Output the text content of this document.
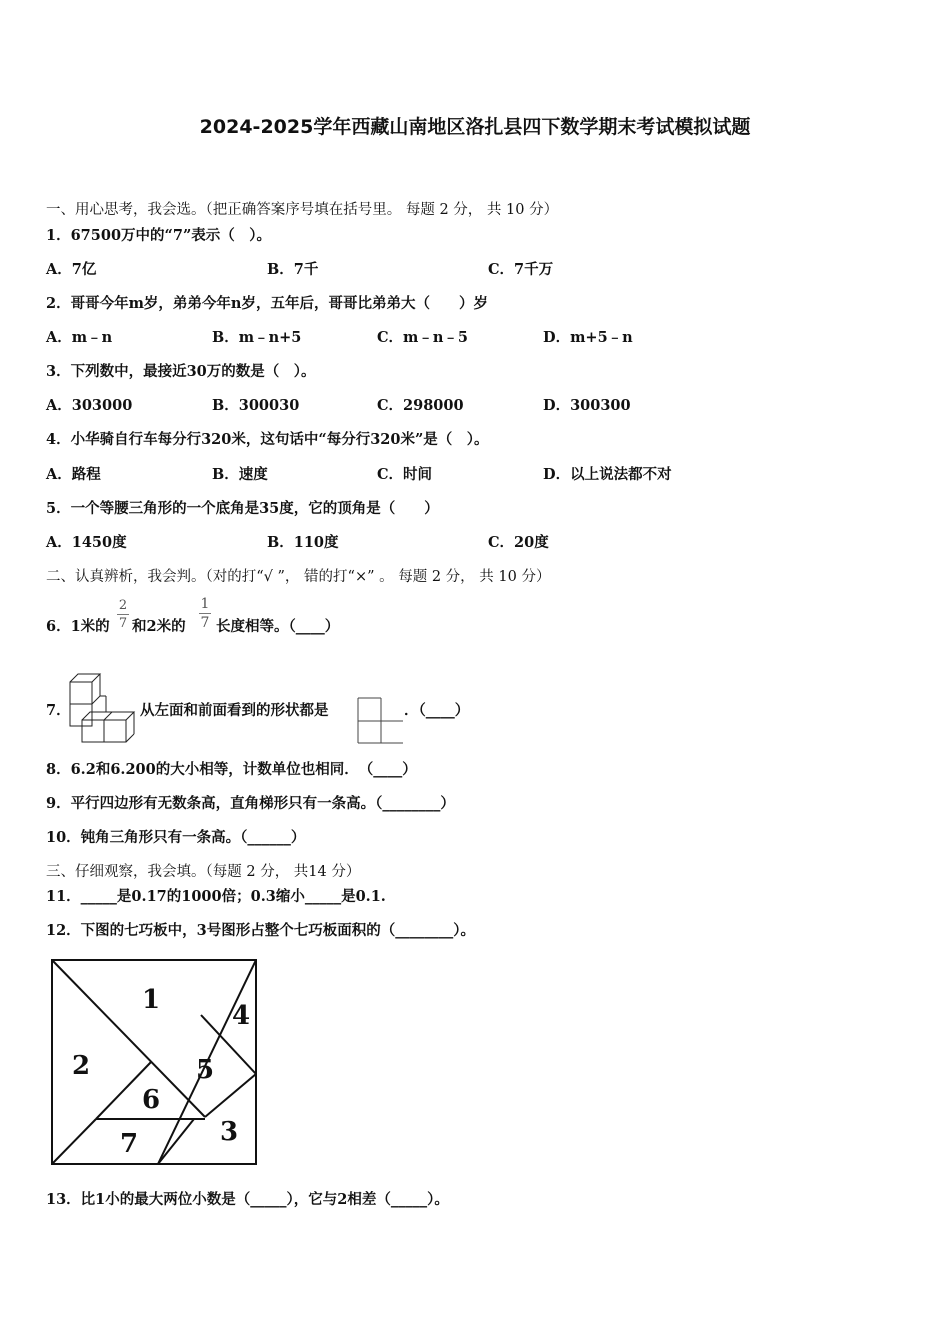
2024-2025学年西藏山南地区洛扎县四下数学期末考试模拟试题
一、用心思考，我会选。（把正确答案序号填在括号里。 每题 2 分， 共 10 分）
1．67500万中的“7”表示（　）。
A．7亿	B．7千	C．7千万
2．哥哥今年m岁，弟弟今年n岁，五年后，哥哥比弟弟大（　　）岁
A．m﹣n	B．m﹣n+5	C．m﹣n﹣5	D．m+5﹣n
3．下列数中，最接近30万的数是（　）。
A．303000	B．300030	C．298000	D．300300
4．小华骑自行车每分行320米，这句话中“每分行320米”是（　）。
A．路程	B．速度	C．时间	D．以上说法都不对
5．一个等腰三角形的一个底角是35度，它的顶角是（　　）
A．1450度	B．110度	C．20度
二、认真辨析，我会判。（对的打“√ ”， 错的打“×” 。 每题 2 分， 共 10 分）
6．1米的
2
7 和2米的
1
7 长度相等。（____）
7．	从左面和前面看到的形状都是	．（____）
8．6.2和6.200的大小相等，计数单位也相同．　（____）
9．平行四边形有无数条高，直角梯形只有一条高。（________）
10．钝角三角形只有一条高。（______）
三、仔细观察，我会填。（每题 2 分， 共14 分）
11．_____是0.17的1000倍；0.3缩小_____是0.1.
12．下图的七巧板中，3号图形占整个七巧板面积的（________）。
1
2
3
4
5
6
7
13．比1小的最大两位小数是（_____），它与2相差（_____）。
